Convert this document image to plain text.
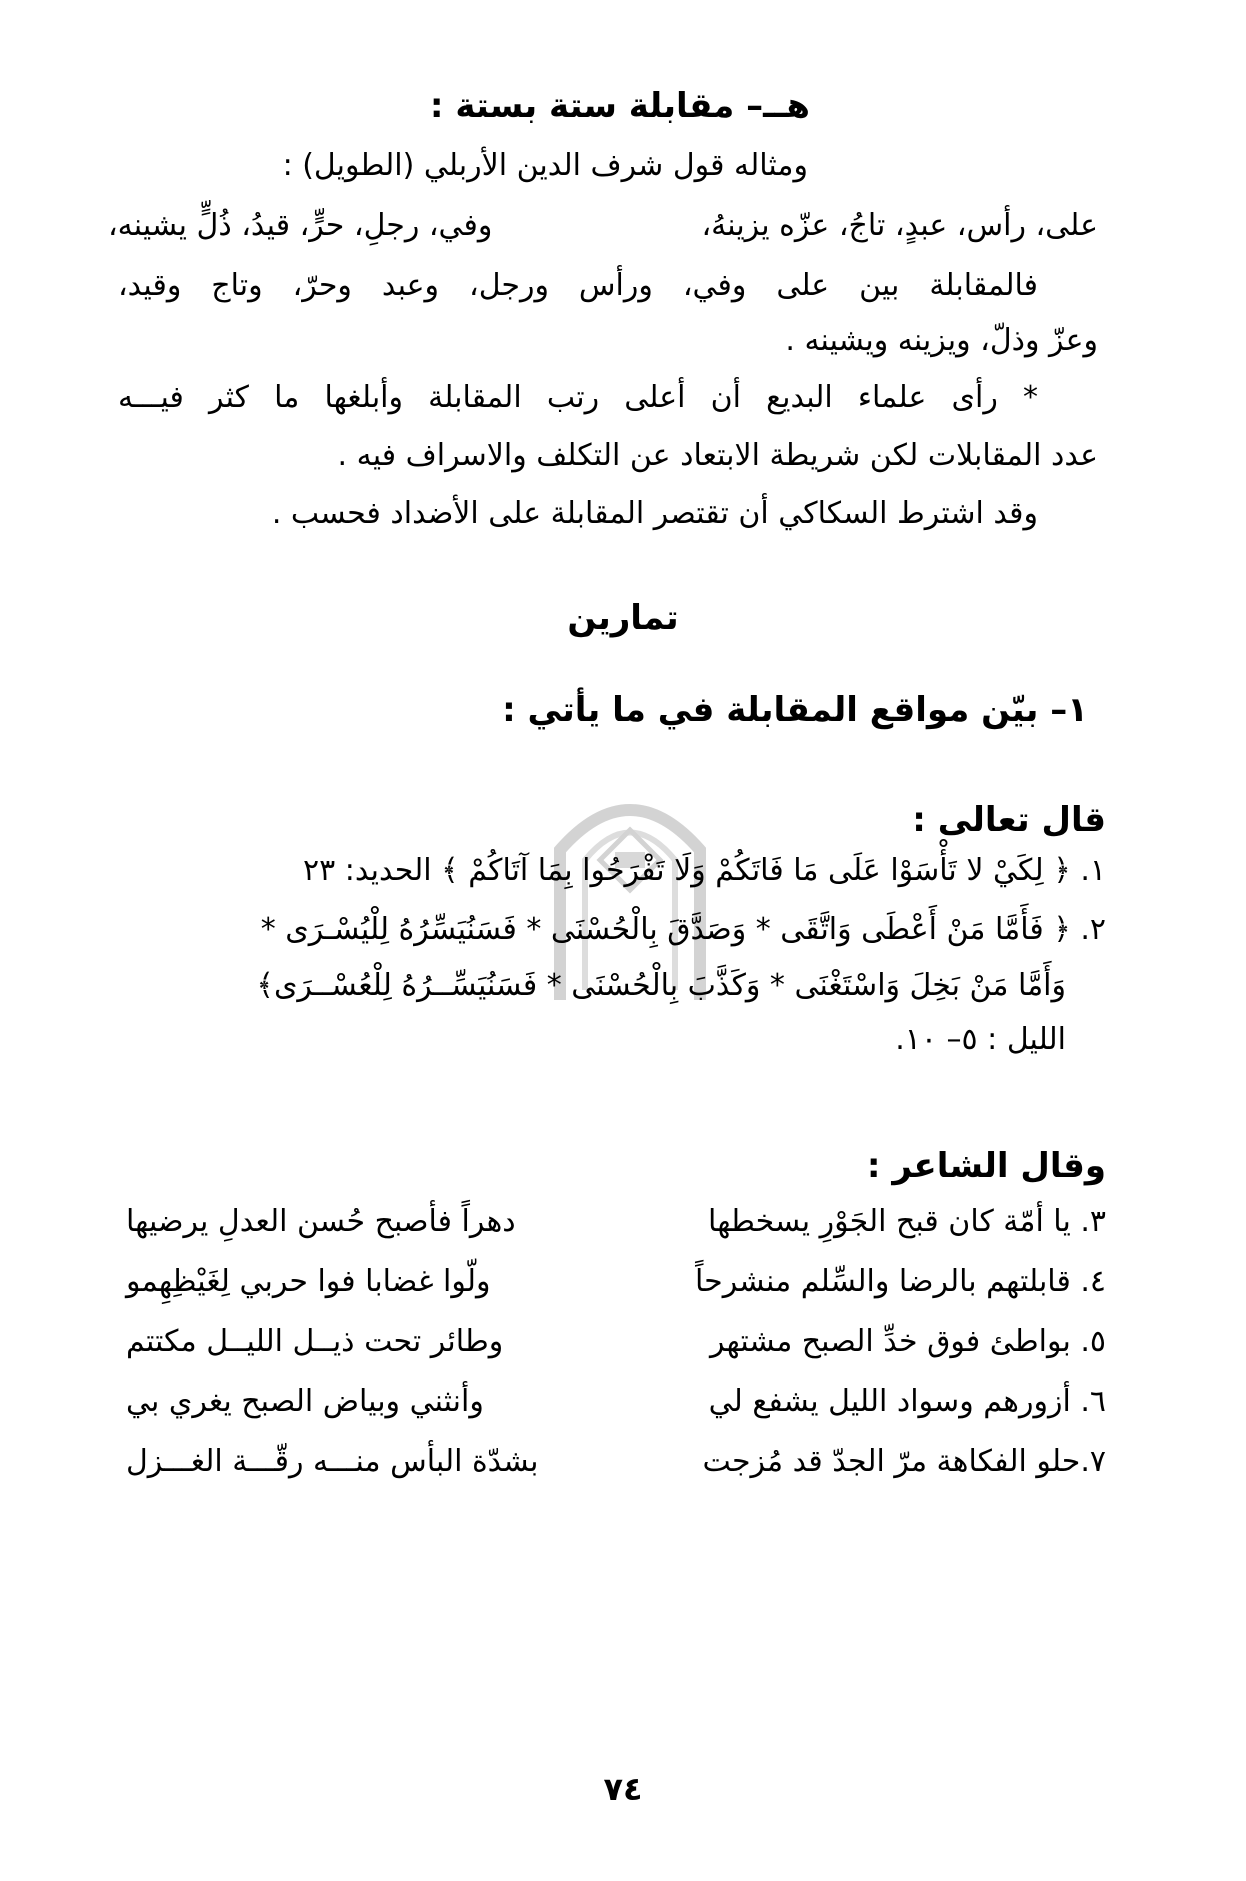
هــ– مقابلة ستة بستة :
ومثاله قول شرف الدين الأربلي (الطويل) :
على، رأس، عبدٍ، تاجُ، عزّه يزينهُ،
وفي، رجلِ، حرٍّ، قيدُ، ذُلٍّ يشينه،
فالمقابلة بين على وفي، ورأس ورجل، وعبد وحرّ، وتاج وقيد،
وعزّ وذلّ، ويزينه ويشينه .
* رأى علماء البديع أن أعلى رتب المقابلة وأبلغها ما كثر فيـــه
عدد المقابلات لكن شريطة الابتعاد عن التكلف والاسراف فيه .
وقد اشترط السكاكي أن تقتصر المقابلة على الأضداد فحسب .
تمارين
١– بيّن مواقع المقابلة في ما يأتي :
قال تعالى :
١. ﴿ لِكَيْ لا تَأْسَوْا عَلَى مَا فَاتَكُمْ وَلَا تَفْرَحُوا بِمَا آتَاكُمْ ﴾ الحديد: ٢٣
٢. ﴿ فَأَمَّا مَنْ أَعْطَى وَاتَّقَى * وَصَدَّقَ بِالْحُسْنَى * فَسَنُيَسِّرُهُ لِلْيُسْـرَى *
وَأَمَّا مَنْ بَخِلَ وَاسْتَغْنَى * وَكَذَّبَ بِالْحُسْنَى * فَسَنُيَسِّــرُهُ لِلْعُسْــرَى﴾
الليل : ٥– ١٠.
وقال الشاعر :
٣. يا أمّة كان قبح الجَوْرِ يسخطها
دهراً فأصبح حُسن العدلِ يرضيها
٤. قابلتهم بالرضا والسِّلم منشرحاً
ولّوا غضابا فوا حربي لِغَيْظِهِمو
٥. بواطئ فوق خدِّ الصبح مشتهر
وطائر تحت ذيــل الليــل مكتتم
٦. أزورهم وسواد الليل يشفع لي
وأنثني وبياض الصبح يغري بي
٧.حلو الفكاهة مرّ الجدّ قد مُزجت
بشدّة البأس منـــه رقّـــة الغـــزل
٧٤
